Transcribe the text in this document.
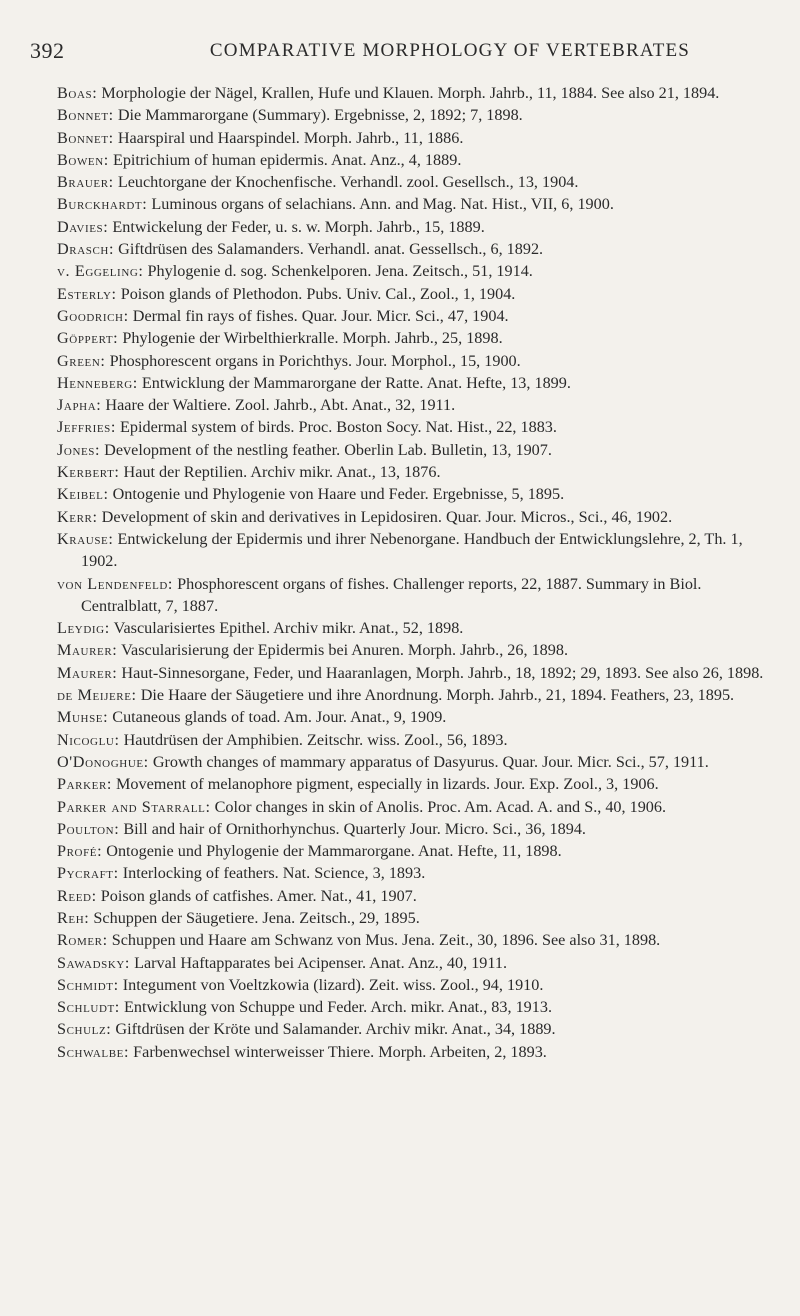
392	COMPARATIVE MORPHOLOGY OF VERTEBRATES

Boas: Morphologie der Nägel, Krallen, Hufe und Klauen. Morph. Jahrb., 11, 1884. See also 21, 1894.

Bonnet: Die Mammarorgane (Summary). Ergebnisse, 2, 1892; 7, 1898.

Bonnet: Haarspiral und Haarspindel. Morph. Jahrb., 11, 1886.

Bowen: Epitrichium of human epidermis. Anat. Anz., 4, 1889.

Brauer: Leuchtorgane der Knochenfische. Verhandl. zool. Gesellsch., 13, 1904.

Burckhardt: Luminous organs of selachians. Ann. and Mag. Nat. Hist., VII, 6, 1900.

Davies: Entwickelung der Feder, u. s. w. Morph. Jahrb., 15, 1889.

Drasch: Giftdrüsen des Salamanders. Verhandl. anat. Gessellsch., 6, 1892.

v. Eggeling: Phylogenie d. sog. Schenkelporen. Jena. Zeitsch., 51, 1914.

Esterly: Poison glands of Plethodon. Pubs. Univ. Cal., Zool., 1, 1904.

Goodrich: Dermal fin rays of fishes. Quar. Jour. Micr. Sci., 47, 1904.

Göppert: Phylogenie der Wirbelthierkralle. Morph. Jahrb., 25, 1898.

Green: Phosphorescent organs in Porichthys. Jour. Morphol., 15, 1900.

Henneberg: Entwicklung der Mammarorgane der Ratte. Anat. Hefte, 13, 1899.

Japha: Haare der Waltiere. Zool. Jahrb., Abt. Anat., 32, 1911.

Jeffries: Epidermal system of birds. Proc. Boston Socy. Nat. Hist., 22, 1883.

Jones: Development of the nestling feather. Oberlin Lab. Bulletin, 13, 1907.

Kerbert: Haut der Reptilien. Archiv mikr. Anat., 13, 1876.

Keibel: Ontogenie und Phylogenie von Haare und Feder. Ergebnisse, 5, 1895.

Kerr: Development of skin and derivatives in Lepidosiren. Quar. Jour. Micros., Sci., 46, 1902.

Krause: Entwickelung der Epidermis und ihrer Nebenorgane. Handbuch der Entwicklungslehre, 2, Th. 1, 1902.

von Lendenfeld: Phosphorescent organs of fishes. Challenger reports, 22, 1887. Summary in Biol. Centralblatt, 7, 1887.

Leydig: Vascularisiertes Epithel. Archiv mikr. Anat., 52, 1898.

Maurer: Vascularisierung der Epidermis bei Anuren. Morph. Jahrb., 26, 1898.

Maurer: Haut-Sinnesorgane, Feder, und Haaranlagen, Morph. Jahrb., 18, 1892; 29, 1893. See also 26, 1898.

de Meijere: Die Haare der Säugetiere und ihre Anordnung. Morph. Jahrb., 21, 1894. Feathers, 23, 1895.

Muhse: Cutaneous glands of toad. Am. Jour. Anat., 9, 1909.

Nicoglu: Hautdrüsen der Amphibien. Zeitschr. wiss. Zool., 56, 1893.

O'Donoghue: Growth changes of mammary apparatus of Dasyurus. Quar. Jour. Micr. Sci., 57, 1911.

Parker: Movement of melanophore pigment, especially in lizards. Jour. Exp. Zool., 3, 1906.

Parker and Starrall: Color changes in skin of Anolis. Proc. Am. Acad. A. and S., 40, 1906.

Poulton: Bill and hair of Ornithorhynchus. Quarterly Jour. Micro. Sci., 36, 1894.

Profé: Ontogenie und Phylogenie der Mammarorgane. Anat. Hefte, 11, 1898.

Pycraft: Interlocking of feathers. Nat. Science, 3, 1893.

Reed: Poison glands of catfishes. Amer. Nat., 41, 1907.

Reh: Schuppen der Säugetiere. Jena. Zeitsch., 29, 1895.

Romer: Schuppen und Haare am Schwanz von Mus. Jena. Zeit., 30, 1896. See also 31, 1898.

Sawadsky: Larval Haftapparates bei Acipenser. Anat. Anz., 40, 1911.

Schmidt: Integument von Voeltzkowia (lizard). Zeit. wiss. Zool., 94, 1910.

Schludt: Entwicklung von Schuppe und Feder. Arch. mikr. Anat., 83, 1913.

Schulz: Giftdrüsen der Kröte und Salamander. Archiv mikr. Anat., 34, 1889.

Schwalbe: Farbenwechsel winterweisser Thiere. Morph. Arbeiten, 2, 1893.
